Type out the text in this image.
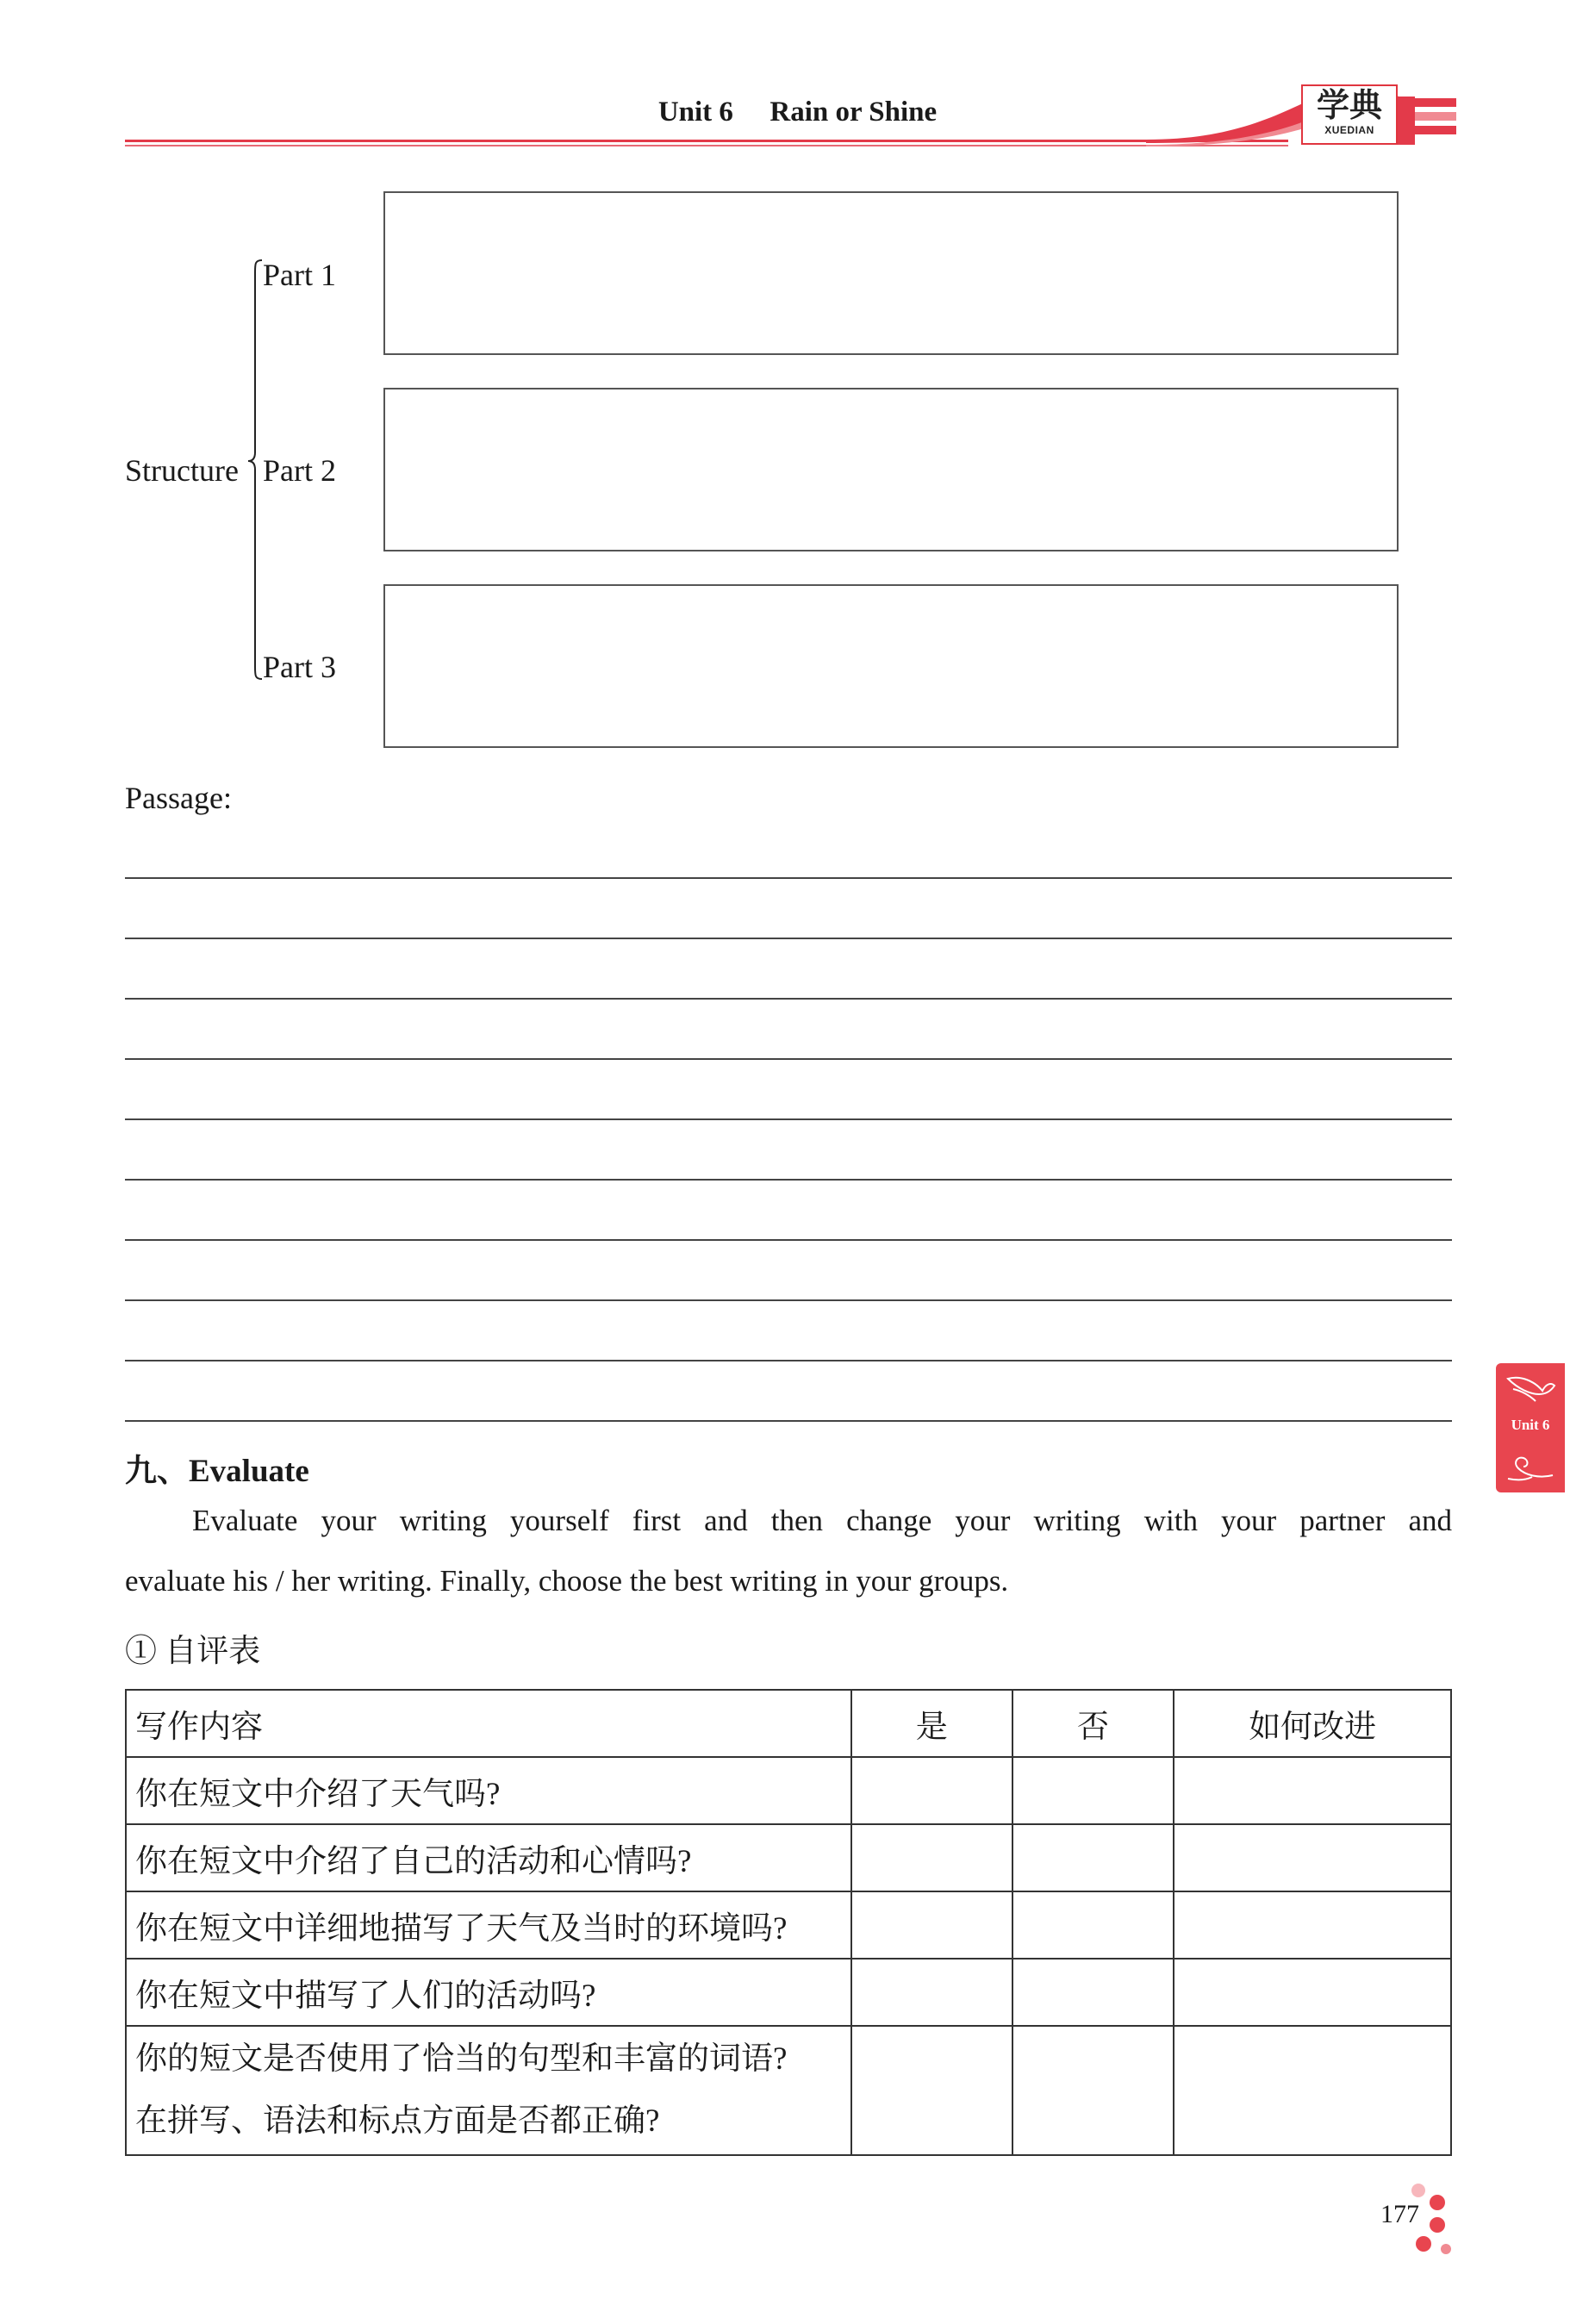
Unit 6 Rain or Shine	学典
XUEDIAN
Structure
Part 1
Part 2
Part 3
Passage:
九、Evaluate
Evaluate your writing yourself first and then change your writing with your partner and
evaluate his / her writing. Finally, choose the best writing in your groups.
① 自评表
写作内容	是	否	如何改进
你在短文中介绍了天气吗?			
你在短文中介绍了自己的活动和心情吗?			
你在短文中详细地描写了天气及当时的环境吗?			
你在短文中描写了人们的活动吗?			

你的短文是否使用了恰当的句型和丰富的词语?
在拼写、语法和标点方面是否都正确?			

Unit 6
177
